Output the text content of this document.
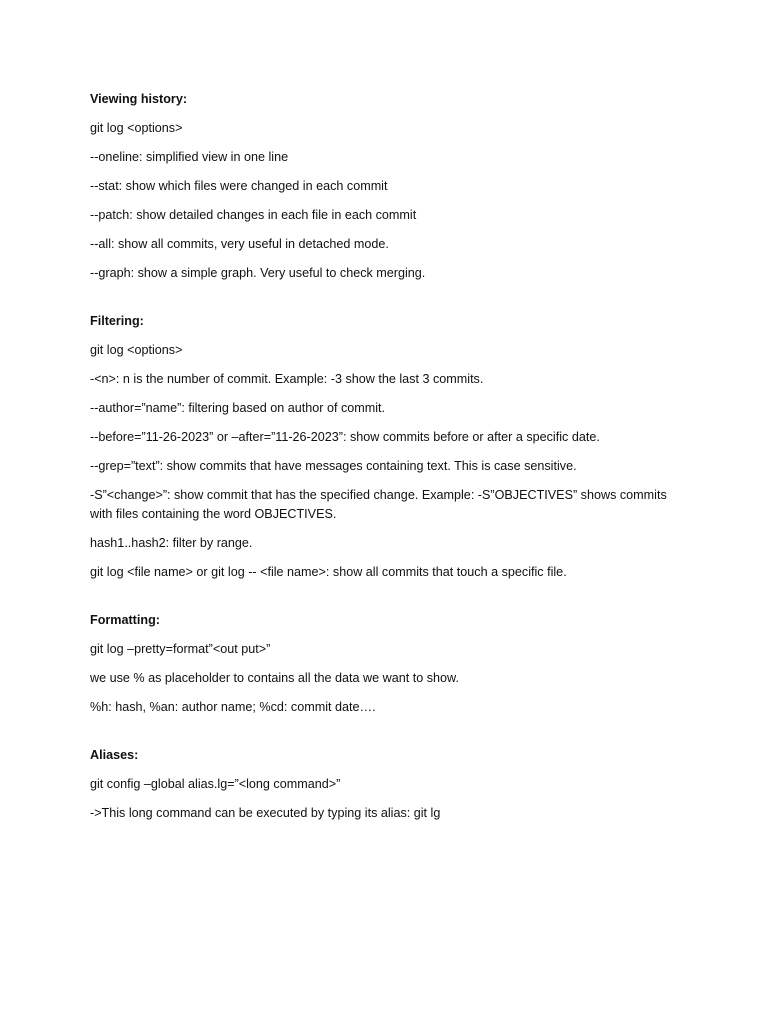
Viewing history:
git log <options>
--oneline: simplified view in one line
--stat: show which files were changed in each commit
--patch: show detailed changes in each file in each commit
--all: show all commits, very useful in detached mode.
--graph: show a simple graph. Very useful to check merging.
Filtering:
git log <options>
-<n>: n is the number of commit. Example: -3 show the last 3 commits.
--author=”name”: filtering based on author of commit.
--before=”11-26-2023” or –after=”11-26-2023”: show commits before or after a specific date.
--grep=”text”: show commits that have messages containing text. This is case sensitive.
-S”<change>”: show commit that has the specified change. Example: -S”OBJECTIVES” shows commits with files containing the word OBJECTIVES.
hash1..hash2: filter by range.
git log <file name> or git log -- <file name>: show all commits that touch a specific file.
Formatting:
git log –pretty=format”<out put>”
we use % as placeholder to contains all the data we want to show.
%h: hash, %an: author name; %cd: commit date….
Aliases:
git config –global alias.lg=”<long command>”
->This long command can be executed by typing its alias: git lg
